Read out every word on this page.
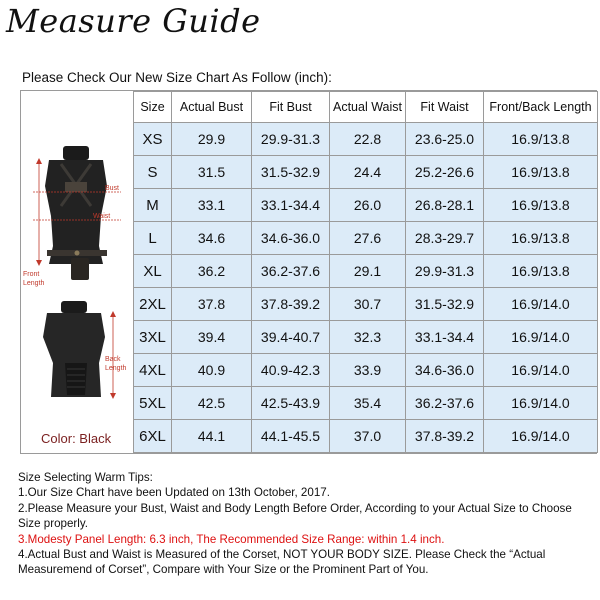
Measure Guide
Please Check Our New Size Chart As Follow (inch):
Bust
Waist
Front
Length
Back
Length
Color: Black
Size	Actual Bust	Fit Bust	Actual Waist	Fit Waist	Front/Back Length
XS	29.9	29.9-31.3	22.8	23.6-25.0	16.9/13.8
S	31.5	31.5-32.9	24.4	25.2-26.6	16.9/13.8
M	33.1	33.1-34.4	26.0	26.8-28.1	16.9/13.8
L	34.6	34.6-36.0	27.6	28.3-29.7	16.9/13.8
XL	36.2	36.2-37.6	29.1	29.9-31.3	16.9/13.8
2XL	37.8	37.8-39.2	30.7	31.5-32.9	16.9/14.0
3XL	39.4	39.4-40.7	32.3	33.1-34.4	16.9/14.0
4XL	40.9	40.9-42.3	33.9	34.6-36.0	16.9/14.0
5XL	42.5	42.5-43.9	35.4	36.2-37.6	16.9/14.0
6XL	44.1	44.1-45.5	37.0	37.8-39.2	16.9/14.0

Size Selecting Warm Tips:

1.Our Size Chart have been Updated on 13th October, 2017.

2.Please Measure your Bust, Waist and Body Length Before Order, According to your Actual Size to Choose Size properly.

3.Modesty Panel Length: 6.3 inch, The Recommended Size Range: within 1.4 inch.

4.Actual Bust and Waist is Measured of the Corset, NOT YOUR BODY SIZE. Please Check the “Actual Measuremend of Corset”, Compare with Your Size or the Prominent Part of You.
